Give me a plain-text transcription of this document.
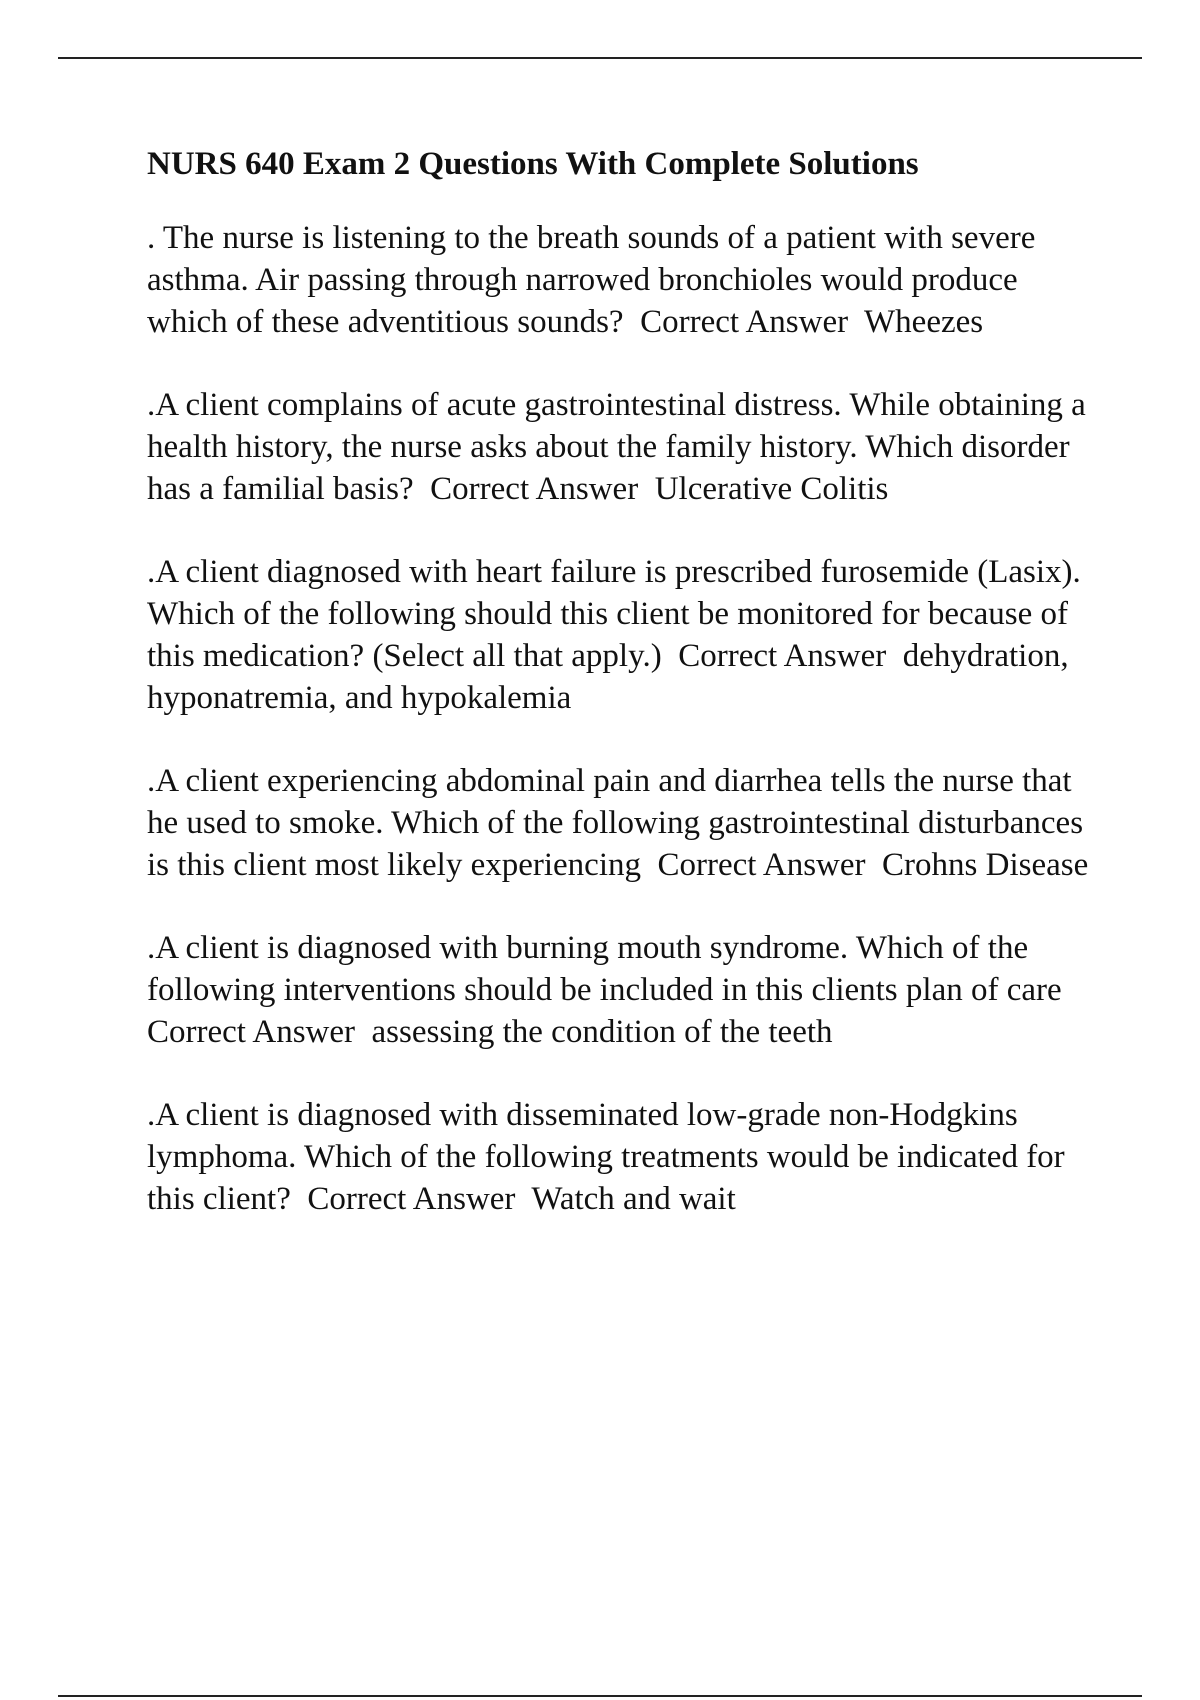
NURS 640 Exam 2 Questions With Complete Solutions

. The nurse is listening to the breath sounds of a patient with severe asthma. Air passing through narrowed bronchioles would produce which of these adventitious sounds? Correct Answer Wheezes

.A client complains of acute gastrointestinal distress. While obtaining a health history, the nurse asks about the family history. Which disorder has a familial basis? Correct Answer Ulcerative Colitis

.A client diagnosed with heart failure is prescribed furosemide (Lasix). Which of the following should this client be monitored for because of this medication? (Select all that apply.) Correct Answer dehydration, hyponatremia, and hypokalemia

.A client experiencing abdominal pain and diarrhea tells the nurse that he used to smoke. Which of the following gastrointestinal disturbances is this client most likely experiencing Correct Answer Crohns Disease

.A client is diagnosed with burning mouth syndrome. Which of the following interventions should be included in this clients plan of care  Correct Answer assessing the condition of the teeth

.A client is diagnosed with disseminated low-grade non-Hodgkins lymphoma. Which of the following treatments would be indicated for this client? Correct Answer Watch and wait
